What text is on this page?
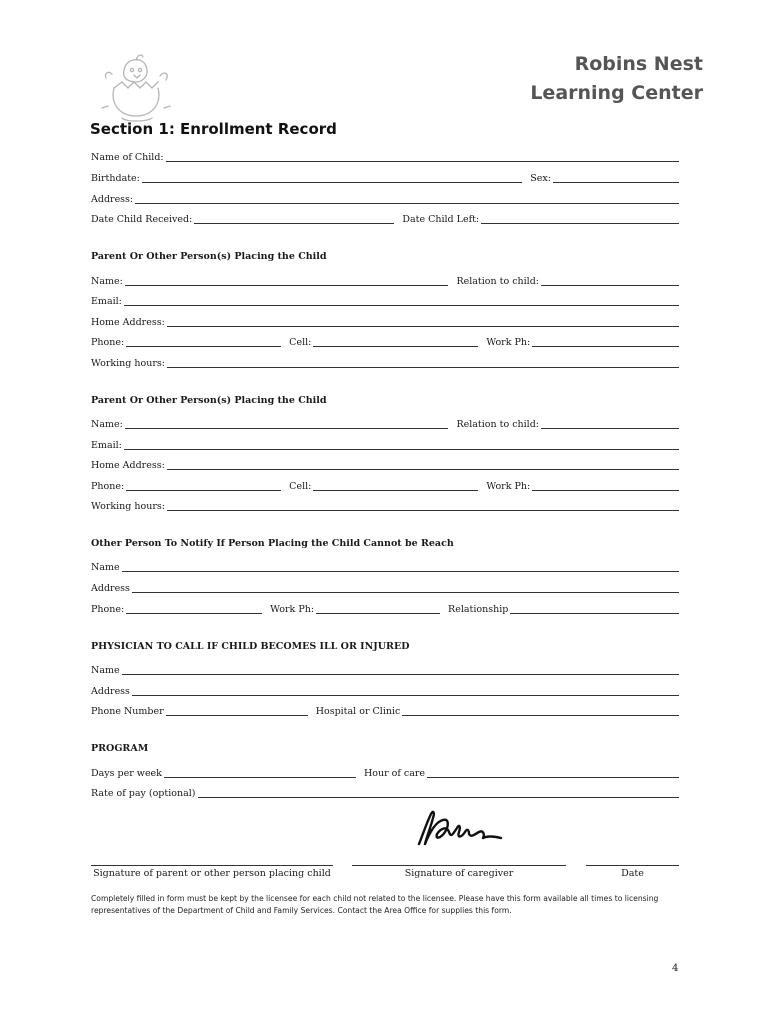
Robins Nest
Learning Center
Section 1: Enrollment Record
Name of Child:
Birthdate:	Sex:
Address:
Date Child Received:	Date Child Left:
Parent Or Other Person(s) Placing the Child
Name:	Relation to child:
Email:
Home Address:
Phone:	Cell:	Work Ph:
Working hours:
Parent Or Other Person(s) Placing the Child
Name:	Relation to child:
Email:
Home Address:
Phone:	Cell:	Work Ph:
Working hours:
Other Person To Notify If Person Placing the Child Cannot be Reach
Name
Address
Phone:	Work Ph:	Relationship
PHYSICIAN TO CALL IF CHILD BECOMES ILL OR INJURED
Name
Address
Phone Number	Hospital or Clinic
PROGRAM
Days per week	Hour of care
Rate of pay (optional)
Signature of parent or other person placing child	Signature of caregiver	Date
Completely filled in form must be kept by the licensee for each child not related to the licensee. Please have this form available all times to licensing representatives of the Department of Child and Family Services. Contact the Area Office for supplies this form.
4
